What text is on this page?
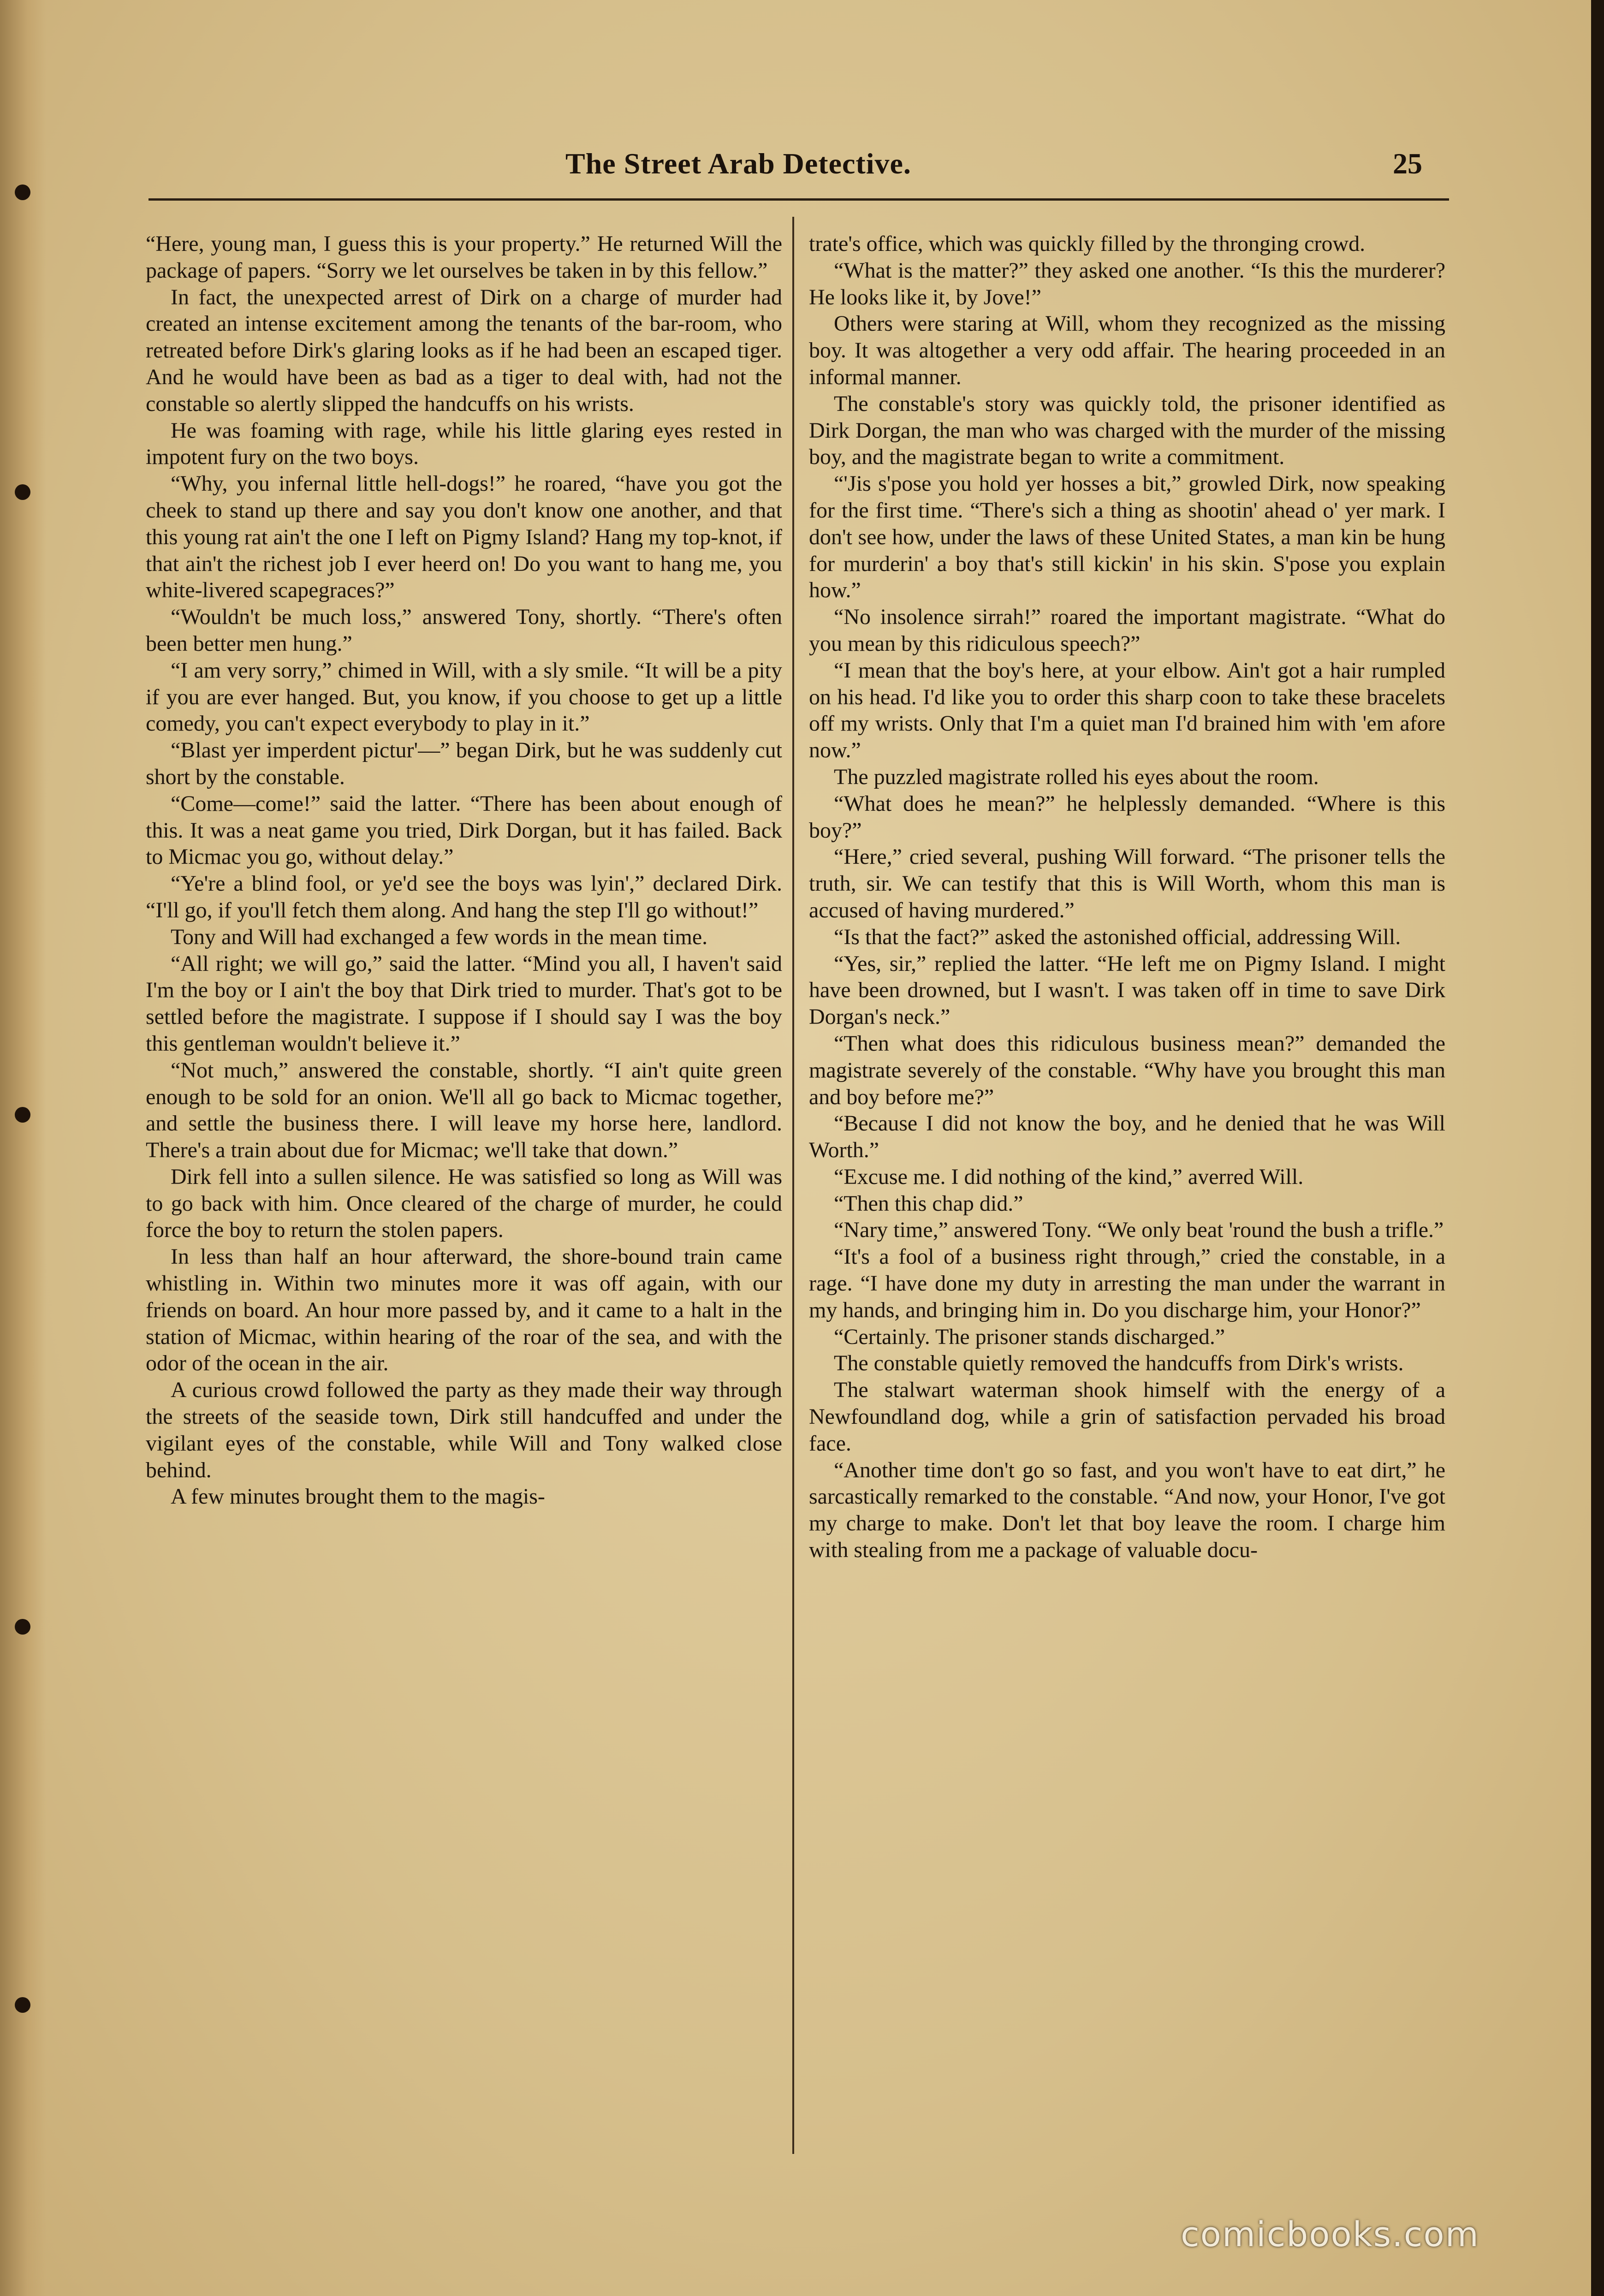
The Street Arab Detective.	25

“Here, young man, I guess this is your property.” He returned Will the package of papers. “Sorry we let ourselves be taken in by this fellow.”

In fact, the unexpected arrest of Dirk on a charge of murder had created an intense excitement among the tenants of the bar-room, who retreated before Dirk's glaring looks as if he had been an escaped tiger. And he would have been as bad as a tiger to deal with, had not the constable so alertly slipped the handcuffs on his wrists.

He was foaming with rage, while his little glaring eyes rested in impotent fury on the two boys.

“Why, you infernal little hell-dogs!” he roared, “have you got the cheek to stand up there and say you don't know one another, and that this young rat ain't the one I left on Pigmy Island? Hang my top-knot, if that ain't the richest job I ever heerd on! Do you want to hang me, you white-livered scapegraces?”

“Wouldn't be much loss,” answered Tony, shortly. “There's often been better men hung.”

“I am very sorry,” chimed in Will, with a sly smile. “It will be a pity if you are ever hanged. But, you know, if you choose to get up a little comedy, you can't expect everybody to play in it.”

“Blast yer imperdent pictur'—” began Dirk, but he was suddenly cut short by the constable.

“Come—come!” said the latter. “There has been about enough of this. It was a neat game you tried, Dirk Dorgan, but it has failed. Back to Micmac you go, without delay.”

“Ye're a blind fool, or ye'd see the boys was lyin',” declared Dirk. “I'll go, if you'll fetch them along. And hang the step I'll go without!”

Tony and Will had exchanged a few words in the mean time.

“All right; we will go,” said the latter. “Mind you all, I haven't said I'm the boy or I ain't the boy that Dirk tried to murder. That's got to be settled before the magistrate. I suppose if I should say I was the boy this gentleman wouldn't believe it.”

“Not much,” answered the constable, shortly. “I ain't quite green enough to be sold for an onion. We'll all go back to Micmac together, and settle the business there. I will leave my horse here, landlord. There's a train about due for Micmac; we'll take that down.”

Dirk fell into a sullen silence. He was satisfied so long as Will was to go back with him. Once cleared of the charge of murder, he could force the boy to return the stolen papers.

In less than half an hour afterward, the shore-bound train came whistling in. Within two minutes more it was off again, with our friends on board. An hour more passed by, and it came to a halt in the station of Micmac, within hearing of the roar of the sea, and with the odor of the ocean in the air.

A curious crowd followed the party as they made their way through the streets of the seaside town, Dirk still handcuffed and under the vigilant eyes of the constable, while Will and Tony walked close behind.

A few minutes brought them to the magis-

trate's office, which was quickly filled by the thronging crowd.

“What is the matter?” they asked one another. “Is this the murderer? He looks like it, by Jove!”

Others were staring at Will, whom they recognized as the missing boy. It was altogether a very odd affair. The hearing proceeded in an informal manner.

The constable's story was quickly told, the prisoner identified as Dirk Dorgan, the man who was charged with the murder of the missing boy, and the magistrate began to write a commitment.

“'Jis s'pose you hold yer hosses a bit,” growled Dirk, now speaking for the first time. “There's sich a thing as shootin' ahead o' yer mark. I don't see how, under the laws of these United States, a man kin be hung for murderin' a boy that's still kickin' in his skin. S'pose you explain how.”

“No insolence sirrah!” roared the important magistrate. “What do you mean by this ridiculous speech?”

“I mean that the boy's here, at your elbow. Ain't got a hair rumpled on his head. I'd like you to order this sharp coon to take these bracelets off my wrists. Only that I'm a quiet man I'd brained him with 'em afore now.”

The puzzled magistrate rolled his eyes about the room.

“What does he mean?” he helplessly demanded. “Where is this boy?”

“Here,” cried several, pushing Will forward. “The prisoner tells the truth, sir. We can testify that this is Will Worth, whom this man is accused of having murdered.”

“Is that the fact?” asked the astonished official, addressing Will.

“Yes, sir,” replied the latter. “He left me on Pigmy Island. I might have been drowned, but I wasn't. I was taken off in time to save Dirk Dorgan's neck.”

“Then what does this ridiculous business mean?” demanded the magistrate severely of the constable. “Why have you brought this man and boy before me?”

“Because I did not know the boy, and he denied that he was Will Worth.”

“Excuse me. I did nothing of the kind,” averred Will.

“Then this chap did.”

“Nary time,” answered Tony. “We only beat 'round the bush a trifle.”

“It's a fool of a business right through,” cried the constable, in a rage. “I have done my duty in arresting the man under the warrant in my hands, and bringing him in. Do you discharge him, your Honor?”

“Certainly. The prisoner stands discharged.”

The constable quietly removed the handcuffs from Dirk's wrists.

The stalwart waterman shook himself with the energy of a Newfoundland dog, while a grin of satisfaction pervaded his broad face.

“Another time don't go so fast, and you won't have to eat dirt,” he sarcastically remarked to the constable. “And now, your Honor, I've got my charge to make. Don't let that boy leave the room. I charge him with stealing from me a package of valuable docu-

comicbooks.com
